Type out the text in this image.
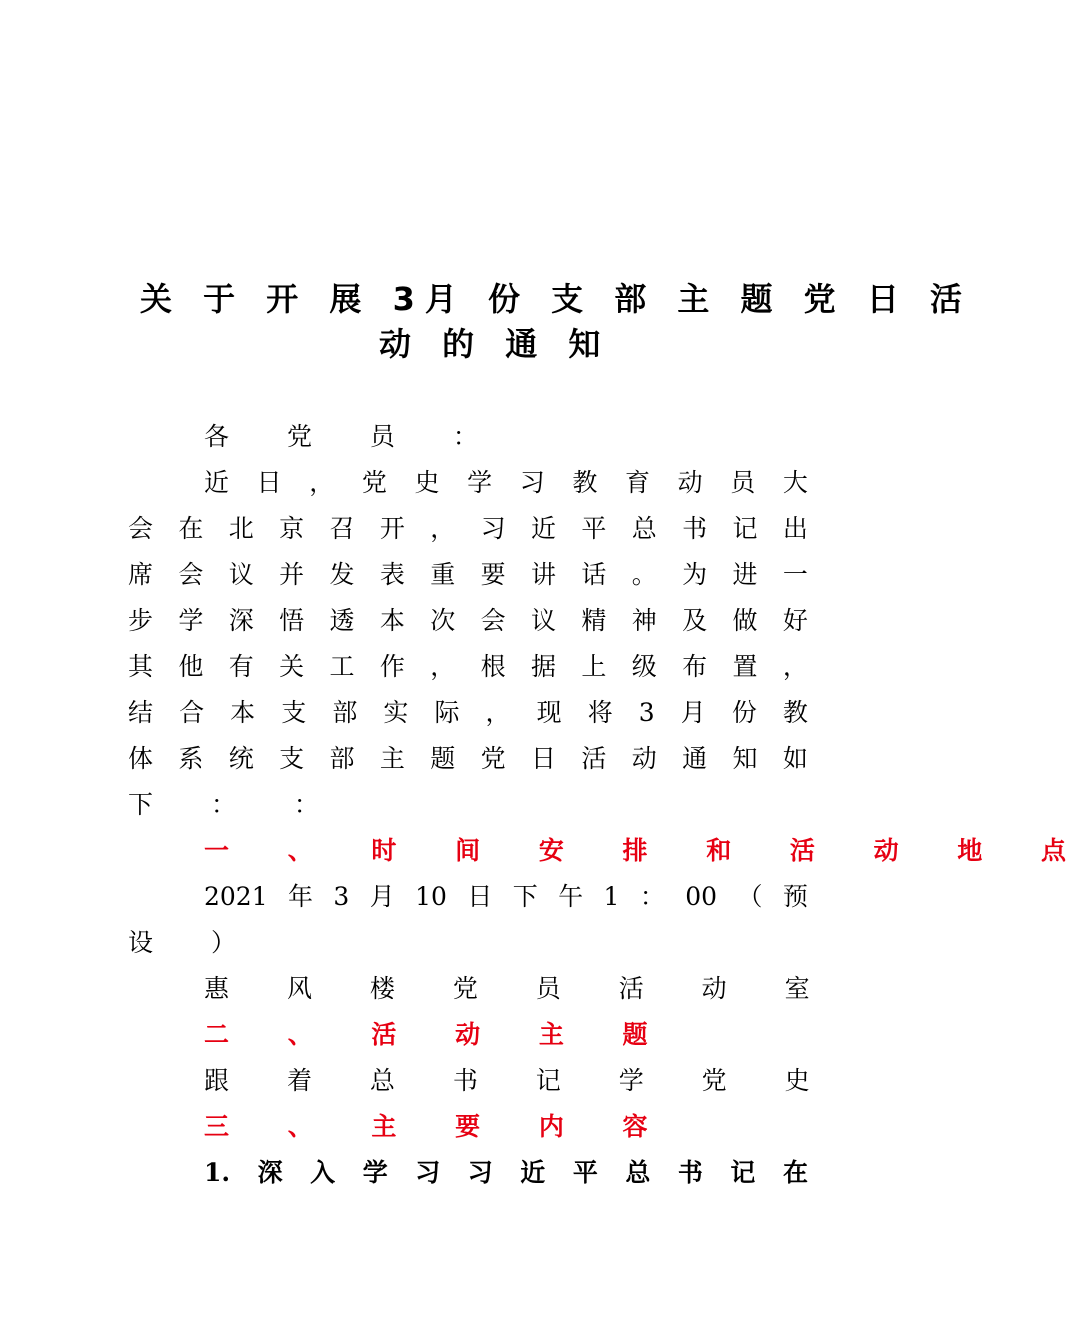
关 于 开 展 3月 份 支 部 主 题 党 日 活
动 的 通 知
各 党 员 ：
近 日 ， 党 史 学 习 教 育 动 员 大
会 在 北 京 召 开 ， 习 近 平 总 书 记 出
席 会 议 并 发 表 重 要 讲 话 。 为 进 一
步 学 深 悟 透 本 次 会 议 精 神 及 做 好
其 他 有 关 工 作 ， 根 据 上 级 布 置 ，
结 合 本 支 部 实 际 ， 现 将 3 月 份 教
体 系 统 支 部 主 题 党 日 活 动 通 知 如
下 ： ：
一 、 时 间 安 排 和 活 动 地 点
2021 年 3 月 10 日 下 午 1 ： 00 （ 预
设 ）
惠 风 楼 党 员 活 动 室
二 、 活 动 主 题
跟 着 总 书 记 学 党 史
三 、 主 要 内 容
1. 深 入 学 习 习 近 平 总 书 记 在
